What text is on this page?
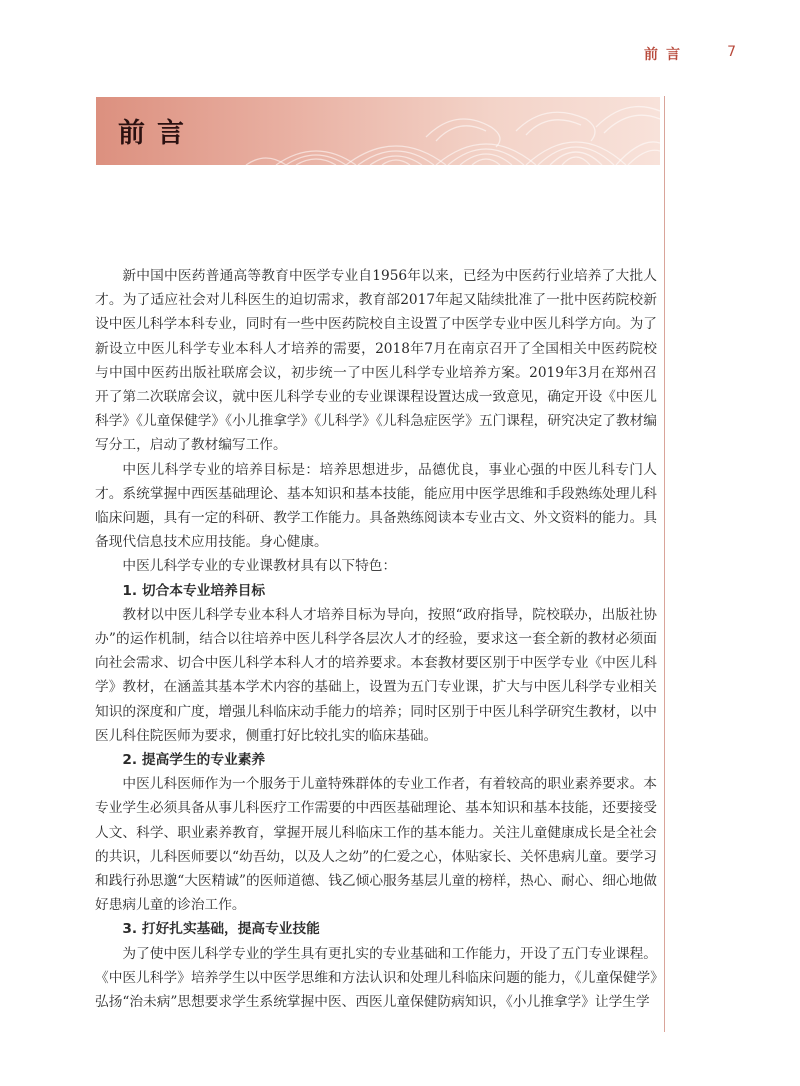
前言	7
前言

新中国中医药普通高等教育中医学专业自1956年以来，已经为中医药行业培养了大批人才。为了适应社会对儿科医生的迫切需求，教育部2017年起又陆续批准了一批中医药院校新设中医儿科学本科专业，同时有一些中医药院校自主设置了中医学专业中医儿科学方向。为了新设立中医儿科学专业本科人才培养的需要，2018年7月在南京召开了全国相关中医药院校与中国中医药出版社联席会议，初步统一了中医儿科学专业培养方案。2019年3月在郑州召开了第二次联席会议，就中医儿科学专业的专业课课程设置达成一致意见，确定开设《中医儿科学》《儿童保健学》《小儿推拿学》《儿科学》《儿科急症医学》五门课程，研究决定了教材编写分工，启动了教材编写工作。

中医儿科学专业的培养目标是：培养思想进步，品德优良，事业心强的中医儿科专门人才。系统掌握中西医基础理论、基本知识和基本技能，能应用中医学思维和手段熟练处理儿科临床问题，具有一定的科研、教学工作能力。具备熟练阅读本专业古文、外文资料的能力。具备现代信息技术应用技能。身心健康。

中医儿科学专业的专业课教材具有以下特色：

1. 切合本专业培养目标

教材以中医儿科学专业本科人才培养目标为导向，按照“政府指导，院校联办，出版社协办”的运作机制，结合以往培养中医儿科学各层次人才的经验，要求这一套全新的教材必须面向社会需求、切合中医儿科学本科人才的培养要求。本套教材要区别于中医学专业《中医儿科学》教材，在涵盖其基本学术内容的基础上，设置为五门专业课，扩大与中医儿科学专业相关知识的深度和广度，增强儿科临床动手能力的培养；同时区别于中医儿科学研究生教材，以中医儿科住院医师为要求，侧重打好比较扎实的临床基础。

2. 提高学生的专业素养

中医儿科医师作为一个服务于儿童特殊群体的专业工作者，有着较高的职业素养要求。本专业学生必须具备从事儿科医疗工作需要的中西医基础理论、基本知识和基本技能，还要接受人文、科学、职业素养教育，掌握开展儿科临床工作的基本能力。关注儿童健康成长是全社会的共识，儿科医师要以“幼吾幼，以及人之幼”的仁爱之心，体贴家长、关怀患病儿童。要学习和践行孙思邈“大医精诚”的医师道德、钱乙倾心服务基层儿童的榜样，热心、耐心、细心地做好患病儿童的诊治工作。

3. 打好扎实基础，提高专业技能

为了使中医儿科学专业的学生具有更扎实的专业基础和工作能力，开设了五门专业课程。《中医儿科学》培养学生以中医学思维和方法认识和处理儿科临床问题的能力，《儿童保健学》弘扬“治未病”思想要求学生系统掌握中医、西医儿童保健防病知识，《小儿推拿学》让学生学
